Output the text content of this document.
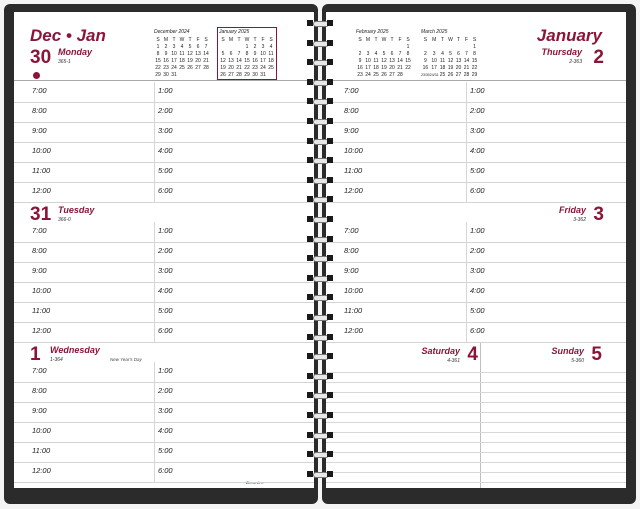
Dec • Jan	December 2024
S	M	T	W	T	F	S
1	2	3	4	5	6	7
8	9	10	11	12	13	14
15	16	17	18	19	20	21
22	23	24	25	26	27	28
29	30	31				
January 2025
S	M	T	W	T	F	S
			1	2	3	4
5	6	7	8	9	10	11
12	13	14	15	16	17	18
19	20	21	22	23	24	25
26	27	28	29	30	31	
30 Monday
365-1
31 Tuesday
366-0
1 Wednesday
1-364	New Year's Day
Brownline
7:00	1:00
8:00	2:00
9:00	3:00
10:00	4:00
11:00	5:00
12:00	6:00
7:00	1:00
8:00	2:00
9:00	3:00
10:00	4:00
11:00	5:00
12:00	6:00
7:00	1:00
8:00	2:00
9:00	3:00
10:00	4:00
11:00	5:00
12:00	6:00
February 2025
S	M	T	W	T	F	S
						1
2	3	4	5	6	7	8
9	10	11	12	13	14	15
16	17	18	19	20	21	22
23	24	25	26	27	28	
March 2025
S	M	T	W	T	F	S
						1
2	3	4	5	6	7	8
9	10	11	12	13	14	15
16	17	18	19	20	21	22
23/30	24/31	25	26	27	28	29
January
Thursday
2-363 2
Friday
3-362 3
Saturday
4-361 4	Sunday
5-360 5
7:00	1:00
8:00	2:00
9:00	3:00
10:00	4:00
11:00	5:00
12:00	6:00
7:00	1:00
8:00	2:00
9:00	3:00
10:00	4:00
11:00	5:00
12:00	6:00
